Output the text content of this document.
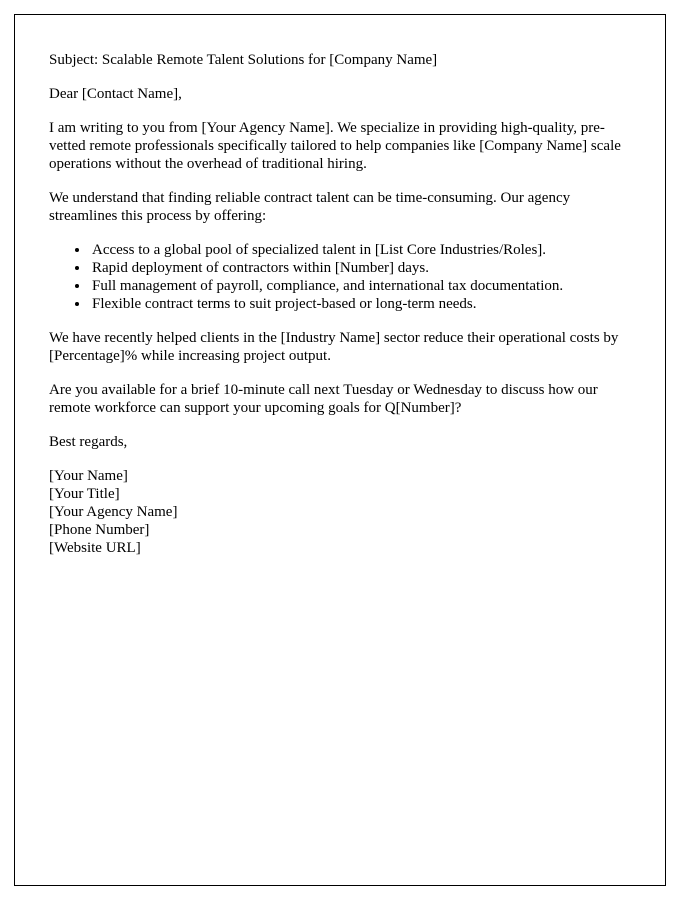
Subject: Scalable Remote Talent Solutions for [Company Name]

Dear [Contact Name],

I am writing to you from [Your Agency Name]. We specialize in providing high-quality, pre-vetted remote professionals specifically tailored to help companies like [Company Name] scale operations without the overhead of traditional hiring.

We understand that finding reliable contract talent can be time-consuming. Our agency streamlines this process by offering:

• Access to a global pool of specialized talent in [List Core Industries/Roles].
• Rapid deployment of contractors within [Number] days.
• Full management of payroll, compliance, and international tax documentation.
• Flexible contract terms to suit project-based or long-term needs.

We have recently helped clients in the [Industry Name] sector reduce their operational costs by [Percentage]% while increasing project output.

Are you available for a brief 10-minute call next Tuesday or Wednesday to discuss how our remote workforce can support your upcoming goals for Q[Number]?

Best regards,

[Your Name]
[Your Title]
[Your Agency Name]
[Phone Number]
[Website URL]
